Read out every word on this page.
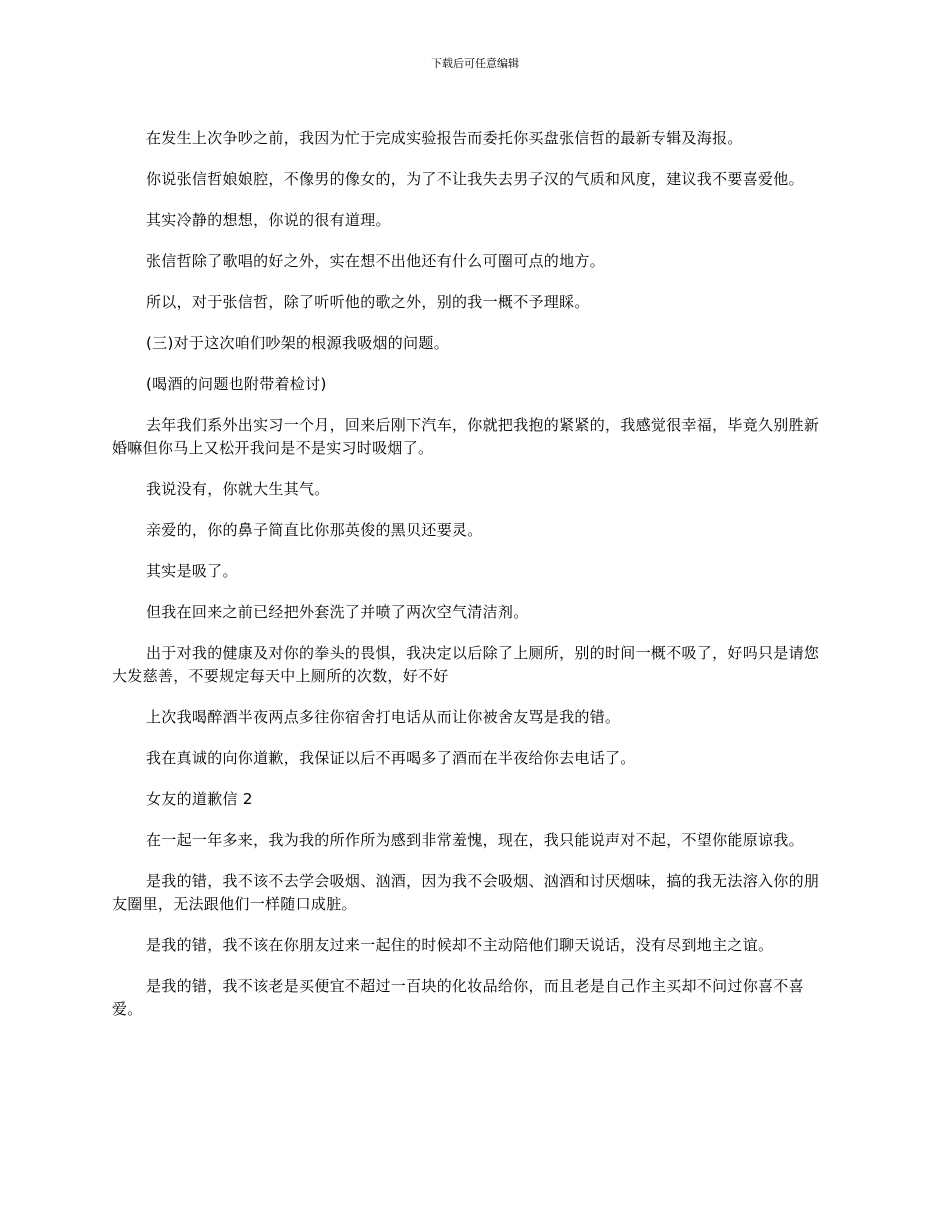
下载后可任意编辑

在发生上次争吵之前，我因为忙于完成实验报告而委托你买盘张信哲的最新专辑及海报。

你说张信哲娘娘腔，不像男的像女的，为了不让我失去男子汉的气质和风度，建议我不要喜爱他。

其实冷静的想想，你说的很有道理。

张信哲除了歌唱的好之外，实在想不出他还有什么可圈可点的地方。

所以，对于张信哲，除了听听他的歌之外，别的我一概不予理睬。

(三)对于这次咱们吵架的根源我吸烟的问题。

(喝酒的问题也附带着检讨)

去年我们系外出实习一个月，回来后刚下汽车，你就把我抱的紧紧的，我感觉很幸福，毕竟久别胜新婚嘛但你马上又松开我问是不是实习时吸烟了。

我说没有，你就大生其气。

亲爱的，你的鼻子简直比你那英俊的黑贝还要灵。

其实是吸了。

但我在回来之前已经把外套洗了并喷了两次空气清洁剂。

出于对我的健康及对你的拳头的畏惧，我决定以后除了上厕所，别的时间一概不吸了，好吗只是请您大发慈善，不要规定每天中上厕所的次数，好不好

上次我喝醉酒半夜两点多往你宿舍打电话从而让你被舍友骂是我的错。

我在真诚的向你道歉，我保证以后不再喝多了酒而在半夜给你去电话了。

女友的道歉信 2

在一起一年多来，我为我的所作所为感到非常羞愧，现在，我只能说声对不起，不望你能原谅我。

是我的错，我不该不去学会吸烟、汹酒，因为我不会吸烟、汹酒和讨厌烟味，搞的我无法溶入你的朋友圈里，无法跟他们一样随口成脏。

是我的错，我不该在你朋友过来一起住的时候却不主动陪他们聊天说话，没有尽到地主之谊。

是我的错，我不该老是买便宜不超过一百块的化妆品给你，而且老是自己作主买却不问过你喜不喜爱。
